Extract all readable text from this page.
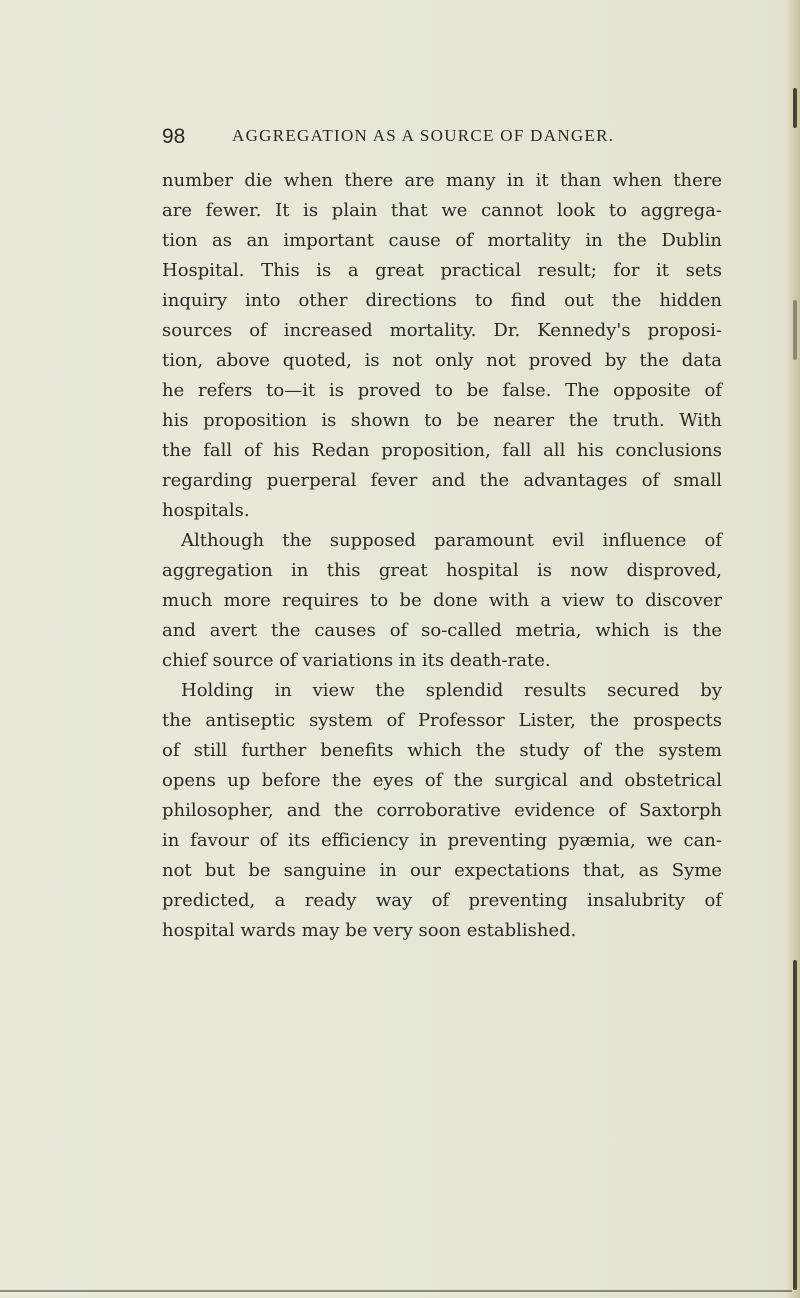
98	AGGREGATION AS A SOURCE OF DANGER.
number die when there are many in it than when there
are fewer. It is plain that we cannot look to aggrega-
tion as an important cause of mortality in the Dublin
Hospital. This is a great practical result; for it sets
inquiry into other directions to find out the hidden
sources of increased mortality. Dr. Kennedy's proposi-
tion, above quoted, is not only not proved by the data
he refers to—it is proved to be false. The opposite of
his proposition is shown to be nearer the truth. With
the fall of his Redan proposition, fall all his conclusions
regarding puerperal fever and the advantages of small
hospitals.
Although the supposed paramount evil influence of
aggregation in this great hospital is now disproved,
much more requires to be done with a view to discover
and avert the causes of so-called metria, which is the
chief source of variations in its death-rate.
Holding in view the splendid results secured by
the antiseptic system of Professor Lister, the prospects
of still further benefits which the study of the system
opens up before the eyes of the surgical and obstetrical
philosopher, and the corroborative evidence of Saxtorph
in favour of its efficiency in preventing pyæmia, we can-
not but be sanguine in our expectations that, as Syme
predicted, a ready way of preventing insalubrity of
hospital wards may be very soon established.
